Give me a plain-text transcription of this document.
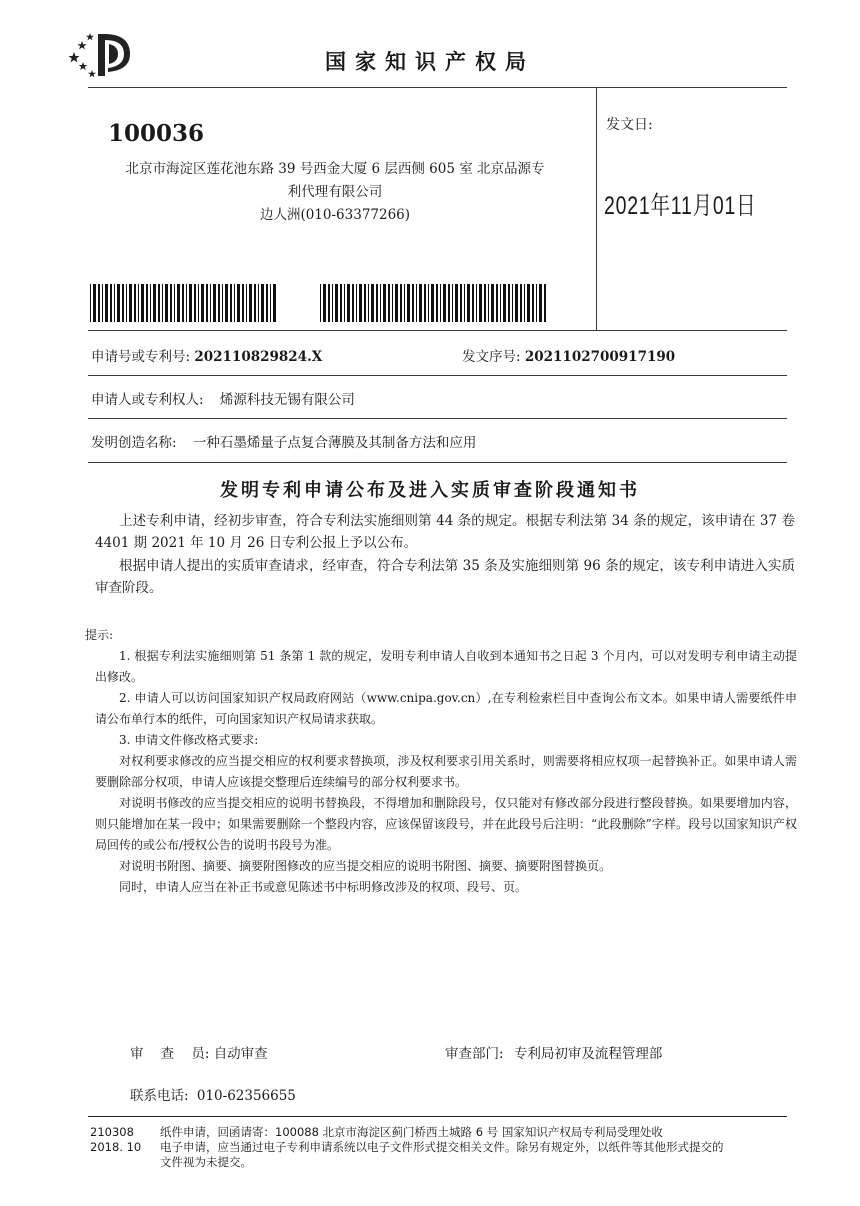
国家知识产权局
100036
北京市海淀区莲花池东路 39 号西金大厦 6 层西侧 605 室 北京品源专
利代理有限公司
边人洲(010-63377266)
发文日:
2021年11月01日
申请号或专利号: 202110829824.X	发文序号: 2021102700917190
申请人或专利权人: 烯源科技无锡有限公司
发明创造名称: 一种石墨烯量子点复合薄膜及其制备方法和应用
发明专利申请公布及进入实质审查阶段通知书
上述专利申请，经初步审查，符合专利法实施细则第 44 条的规定。根据专利法第 34 条的规定，该申请在 37 卷 4401 期 2021 年 10 月 26 日专利公报上予以公布。
根据申请人提出的实质审查请求，经审查，符合专利法第 35 条及实施细则第 96 条的规定，该专利申请进入实质审查阶段。

提示:

1. 根据专利法实施细则第 51 条第 1 款的规定，发明专利申请人自收到本通知书之日起 3 个月内，可以对发明专利申请主动提出修改。

2. 申请人可以访问国家知识产权局政府网站（www.cnipa.gov.cn）,在专利检索栏目中查询公布文本。如果申请人需要纸件申请公布单行本的纸件，可向国家知识产权局请求获取。

3. 申请文件修改格式要求:

对权利要求修改的应当提交相应的权利要求替换项，涉及权利要求引用关系时，则需要将相应权项一起替换补正。如果申请人需要删除部分权项，申请人应该提交整理后连续编号的部分权利要求书。

对说明书修改的应当提交相应的说明书替换段，不得增加和删除段号，仅只能对有修改部分段进行整段替换。如果要增加内容，则只能增加在某一段中；如果需要删除一个整段内容，应该保留该段号，并在此段号后注明：“此段删除”字样。段号以国家知识产权局回传的或公布/授权公告的说明书段号为准。

对说明书附图、摘要、摘要附图修改的应当提交相应的说明书附图、摘要、摘要附图替换页。

同时，申请人应当在补正书或意见陈述书中标明修改涉及的权项、段号、页。

审    查    员: 自动审查	审查部门: 专利局初审及流程管理部
联系电话: 010-62356655
210308
2018. 10
纸件申请，回函请寄：100088 北京市海淀区蓟门桥西土城路 6 号 国家知识产权局专利局受理处收
电子申请，应当通过电子专利申请系统以电子文件形式提交相关文件。除另有规定外，以纸件等其他形式提交的
文件视为未提交。
